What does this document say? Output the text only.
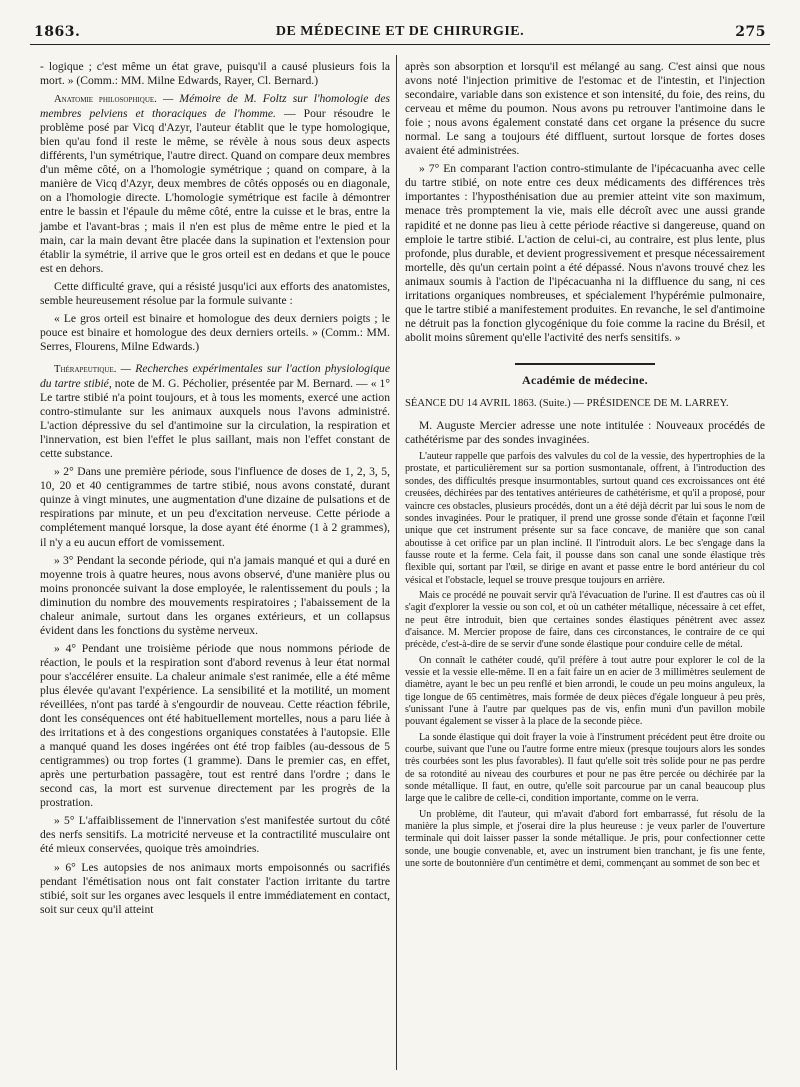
1863.	DE MÉDECINE ET DE CHIRURGIE.	275

- logique ; c'est même un état grave, puisqu'il a causé plusieurs fois la mort. » (Comm.: MM. Milne Edwards, Rayer, Cl. Bernard.)

Anatomie philosophique. — Mémoire de M. Foltz sur l'homologie des membres pelviens et thoraciques de l'homme. — Pour résoudre le problème posé par Vicq d'Azyr, l'auteur établit que le type homologique, bien qu'au fond il reste le même, se révèle à nous sous deux aspects différents, l'un symétrique, l'autre direct. Quand on compare deux membres d'un même côté, on a l'homologie symétrique ; quand on compare, à la manière de Vicq d'Azyr, deux membres de côtés opposés ou en diagonale, on a l'homologie directe. L'homologie symétrique est facile à démontrer entre le bassin et l'épaule du même côté, entre la cuisse et le bras, entre la jambe et l'avant-bras ; mais il n'en est plus de même entre le pied et la main, car la main devant être placée dans la supination et l'extension pour établir la symétrie, il arrive que le gros orteil est en dedans et que le pouce est en dehors.

Cette difficulté grave, qui a résisté jusqu'ici aux efforts des anatomistes, semble heureusement résolue par la formule suivante :

« Le gros orteil est binaire et homologue des deux derniers poigts ; le pouce est binaire et homologue des deux derniers orteils. » (Comm.: MM. Serres, Flourens, Milne Edwards.)

Thérapeutique. — Recherches expérimentales sur l'action physiologique du tartre stibié, note de M. G. Pécholier, présentée par M. Bernard. — « 1° Le tartre stibié n'a point toujours, et à tous les moments, exercé une action contro-stimulante sur les animaux auxquels nous l'avons administré. L'action dépressive du sel d'antimoine sur la circulation, la respiration et l'innervation, est bien l'effet le plus saillant, mais non l'effet constant de cette substance.

» 2° Dans une première période, sous l'influence de doses de 1, 2, 3, 5, 10, 20 et 40 centigrammes de tartre stibié, nous avons constaté, durant quinze à vingt minutes, une augmentation d'une dizaine de pulsations et de respirations par minute, et un peu d'excitation nerveuse. Cette période a complétement manqué lorsque, la dose ayant été énorme (1 à 2 grammes), il n'y a eu aucun effort de vomissement.

» 3° Pendant la seconde période, qui n'a jamais manqué et qui a duré en moyenne trois à quatre heures, nous avons observé, d'une manière plus ou moins prononcée suivant la dose employée, le ralentissement du pouls ; la diminution du nombre des mouvements respiratoires ; l'abaissement de la chaleur animale, surtout dans les organes extérieurs, et un collapsus évident dans les fonctions du système nerveux.

» 4° Pendant une troisième période que nous nommons période de réaction, le pouls et la respiration sont d'abord revenus à leur état normal pour s'accélérer ensuite. La chaleur animale s'est ranimée, elle a été même plus élevée qu'avant l'expérience. La sensibilité et la motilité, un moment réveillées, n'ont pas tardé à s'engourdir de nouveau. Cette réaction fébrile, dont les conséquences ont été habituellement mortelles, nous a paru liée à des irritations et à des congestions organiques constatées à l'autopsie. Elle a manqué quand les doses ingérées ont été trop faibles (au-dessous de 5 centigrammes) ou trop fortes (1 gramme). Dans le premier cas, en effet, après une perturbation passagère, tout est rentré dans l'ordre ; dans le second cas, la mort est survenue directement par les progrès de la prostration.

» 5° L'affaiblissement de l'innervation s'est manifestée surtout du côté des nerfs sensitifs. La motricité nerveuse et la contractilité musculaire ont été mieux conservées, quoique très amoindries.

» 6° Les autopsies de nos animaux morts empoisonnés ou sacrifiés pendant l'émétisation nous ont fait constater l'action irritante du tartre stibié, soit sur les organes avec lesquels il entre immédiatement en contact, soit sur ceux qu'il atteint

après son absorption et lorsqu'il est mélangé au sang. C'est ainsi que nous avons noté l'injection primitive de l'estomac et de l'intestin, et l'injection secondaire, variable dans son existence et son intensité, du foie, des reins, du cerveau et même du poumon. Nous avons pu retrouver l'antimoine dans le foie ; nous avons également constaté dans cet organe la présence du sucre normal. Le sang a toujours été diffluent, surtout lorsque de fortes doses avaient été administrées.

» 7° En comparant l'action contro-stimulante de l'ipécacuanha avec celle du tartre stibié, on note entre ces deux médicaments des différences très importantes : l'hyposthénisation due au premier atteint vite son maximum, menace très promptement la vie, mais elle décroît avec une aussi grande rapidité et ne donne pas lieu à cette période réactive si dangereuse, quand on emploie le tartre stibié. L'action de celui-ci, au contraire, est plus lente, plus profonde, plus durable, et devient progressivement et presque nécessairement mortelle, dès qu'un certain point a été dépassé. Nous n'avons trouvé chez les animaux soumis à l'action de l'ipécacuanha ni la diffluence du sang, ni ces irritations organiques nombreuses, et spécialement l'hypérémie pulmonaire, que le tartre stibié a manifestement produites. En revanche, le sel d'antimoine ne détruit pas la fonction glycogénique du foie comme la racine du Brésil, et abolit moins sûrement qu'elle l'activité des nerfs sensitifs. »

Académie de médecine.

SÉANCE DU 14 AVRIL 1863. (Suite.) — PRÉSIDENCE DE M. LARREY.

M. Auguste Mercier adresse une note intitulée : Nouveaux procédés de cathétérisme par des sondes invaginées.

L'auteur rappelle que parfois des valvules du col de la vessie, des hypertrophies de la prostate, et particulièrement sur sa portion susmontanale, offrent, à l'introduction des sondes, des difficultés presque insurmontables, surtout quand ces excroissances ont été creusées, déchirées par des tentatives antérieures de cathétérisme, et qu'il a proposé, pour vaincre ces obstacles, plusieurs procédés, dont un a été déjà décrit par lui sous le nom de sondes invaginées. Pour le pratiquer, il prend une grosse sonde d'étain et façonne l'œil unique que cet instrument présente sur sa face concave, de manière que son canal aboutisse à cet orifice par un plan incliné. Il l'introduit alors. Le bec s'engage dans la fausse route et la ferme. Cela fait, il pousse dans son canal une sonde élastique très flexible qui, sortant par l'œil, se dirige en avant et passe entre le bord antérieur du col vésical et l'obstacle, lequel se trouve presque toujours en arrière.

Mais ce procédé ne pouvait servir qu'à l'évacuation de l'urine. Il est d'autres cas où il s'agit d'explorer la vessie ou son col, et où un cathéter métallique, nécessaire à cet effet, ne peut être introduit, bien que certaines sondes élastiques pénètrent avec assez d'aisance. M. Mercier propose de faire, dans ces circonstances, le contraire de ce qui précède, c'est-à-dire de se servir d'une sonde élastique pour conduire celle de métal.

On connaît le cathéter coudé, qu'il préfère à tout autre pour explorer le col de la vessie et la vessie elle-même. Il en a fait faire un en acier de 3 millimètres seulement de diamètre, ayant le bec un peu renflé et bien arrondi, le coude un peu moins anguleux, la tige longue de 65 centimètres, mais formée de deux pièces d'égale longueur à peu près, s'unissant l'une à l'autre par quelques pas de vis, enfin muni d'un pavillon mobile pouvant également se visser à la place de la seconde pièce.

La sonde élastique qui doit frayer la voie à l'instrument précédent peut être droite ou courbe, suivant que l'une ou l'autre forme entre mieux (presque toujours alors les sondes très courbées sont les plus favorables). Il faut qu'elle soit très solide pour ne pas perdre de sa rotondité au niveau des courbures et pour ne pas être percée ou déchirée par la sonde métallique. Il faut, en outre, qu'elle soit parcourue par un canal beaucoup plus large que le calibre de celle-ci, condition importante, comme on le verra.

Un problème, dit l'auteur, qui m'avait d'abord fort embarrassé, fut résolu de la manière la plus simple, et j'oserai dire la plus heureuse : je veux parler de l'ouverture terminale qui doit laisser passer la sonde métallique. Je pris, pour confectionner cette sonde, une bougie convenable, et, avec un instrument bien tranchant, je fis une fente, une sorte de boutonnière d'un centimètre et demi, commençant au sommet de son bec et
